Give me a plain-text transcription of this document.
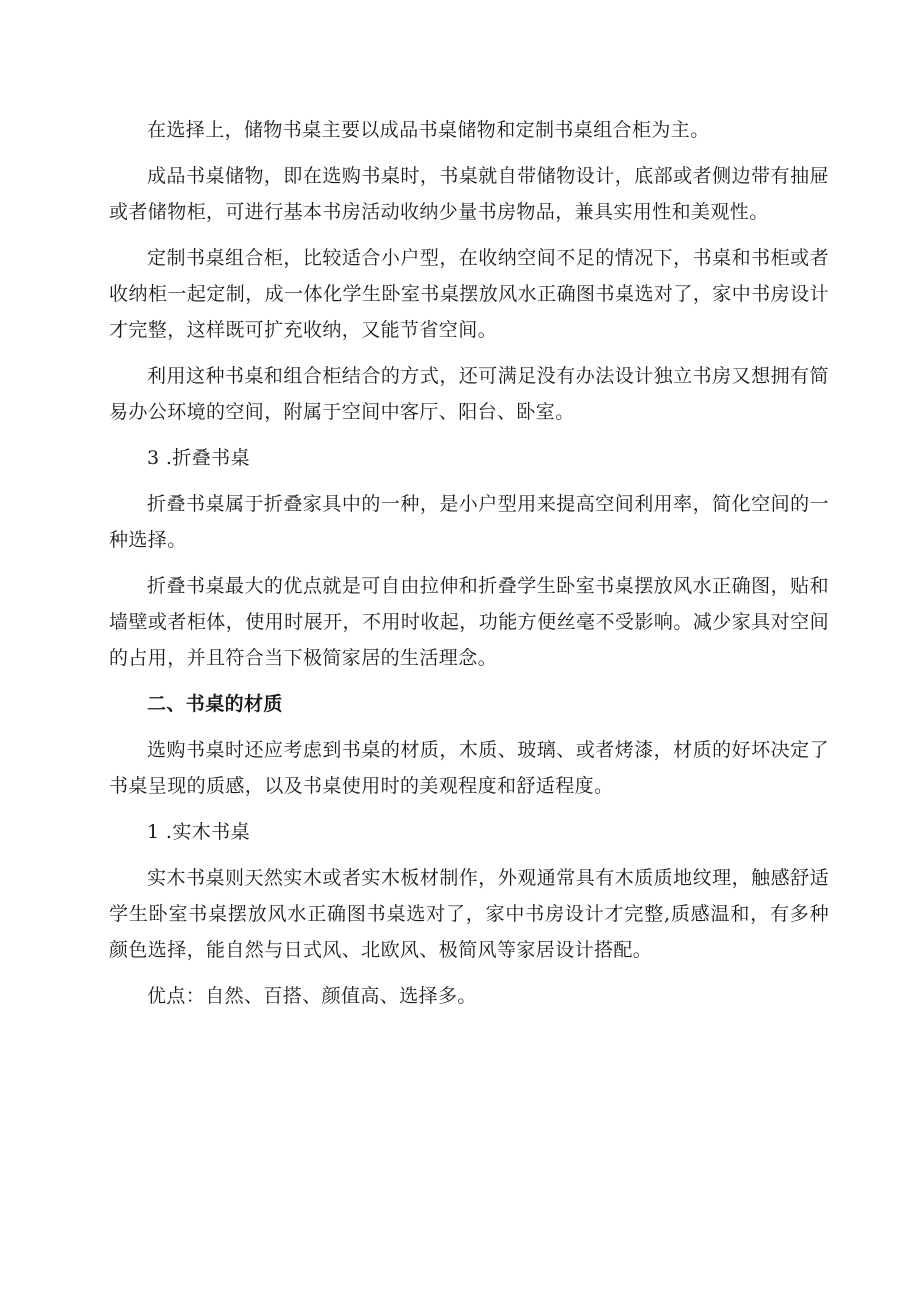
在选择上，储物书桌主要以成品书桌储物和定制书桌组合柜为主。

成品书桌储物，即在选购书桌时，书桌就自带储物设计，底部或者侧边带有抽屉或者储物柜，可进行基本书房活动收纳少量书房物品，兼具实用性和美观性。

定制书桌组合柜，比较适合小户型，在收纳空间不足的情况下，书桌和书柜或者收纳柜一起定制，成一体化学生卧室书桌摆放风水正确图书桌选对了，家中书房设计才完整，这样既可扩充收纳，又能节省空间。

利用这种书桌和组合柜结合的方式，还可满足没有办法设计独立书房又想拥有简易办公环境的空间，附属于空间中客厅、阳台、卧室。

3 .折叠书桌

折叠书桌属于折叠家具中的一种，是小户型用来提高空间利用率，简化空间的一种选择。

折叠书桌最大的优点就是可自由拉伸和折叠学生卧室书桌摆放风水正确图，贴和墙壁或者柜体，使用时展开，不用时收起，功能方便丝毫不受影响。减少家具对空间的占用，并且符合当下极简家居的生活理念。

二、书桌的材质

选购书桌时还应考虑到书桌的材质，木质、玻璃、或者烤漆，材质的好坏决定了书桌呈现的质感，以及书桌使用时的美观程度和舒适程度。

1 .实木书桌

实木书桌则天然实木或者实木板材制作，外观通常具有木质质地纹理，触感舒适学生卧室书桌摆放风水正确图书桌选对了，家中书房设计才完整,质感温和，有多种颜色选择，能自然与日式风、北欧风、极简风等家居设计搭配。

优点：自然、百搭、颜值高、选择多。
